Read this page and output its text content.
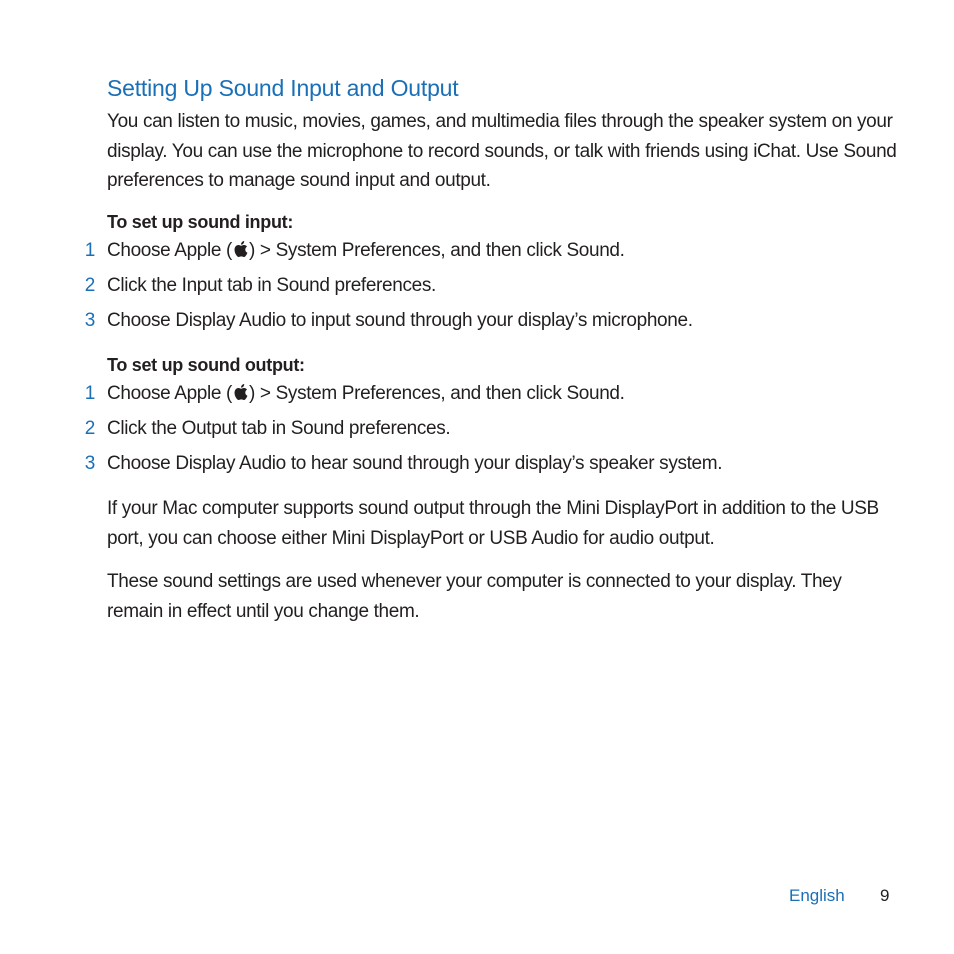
Setting Up Sound Input and Output

You can listen to music, movies, games, and multimedia files through the speaker system on your display. You can use the microphone to record sounds, or talk with friends using iChat. Use Sound preferences to manage sound input and output.

To set up sound input:
1 Choose Apple ( ) > System Preferences, and then click Sound.
2 Click the Input tab in Sound preferences.
3 Choose Display Audio to input sound through your display’s microphone.
To set up sound output:
1 Choose Apple ( ) > System Preferences, and then click Sound.
2 Click the Output tab in Sound preferences.
3 Choose Display Audio to hear sound through your display’s speaker system.

If your Mac computer supports sound output through the Mini DisplayPort in addition to the USB port, you can choose either Mini DisplayPort or USB Audio for audio output.

These sound settings are used whenever your computer is connected to your display. They remain in effect until you change them.

English 9
